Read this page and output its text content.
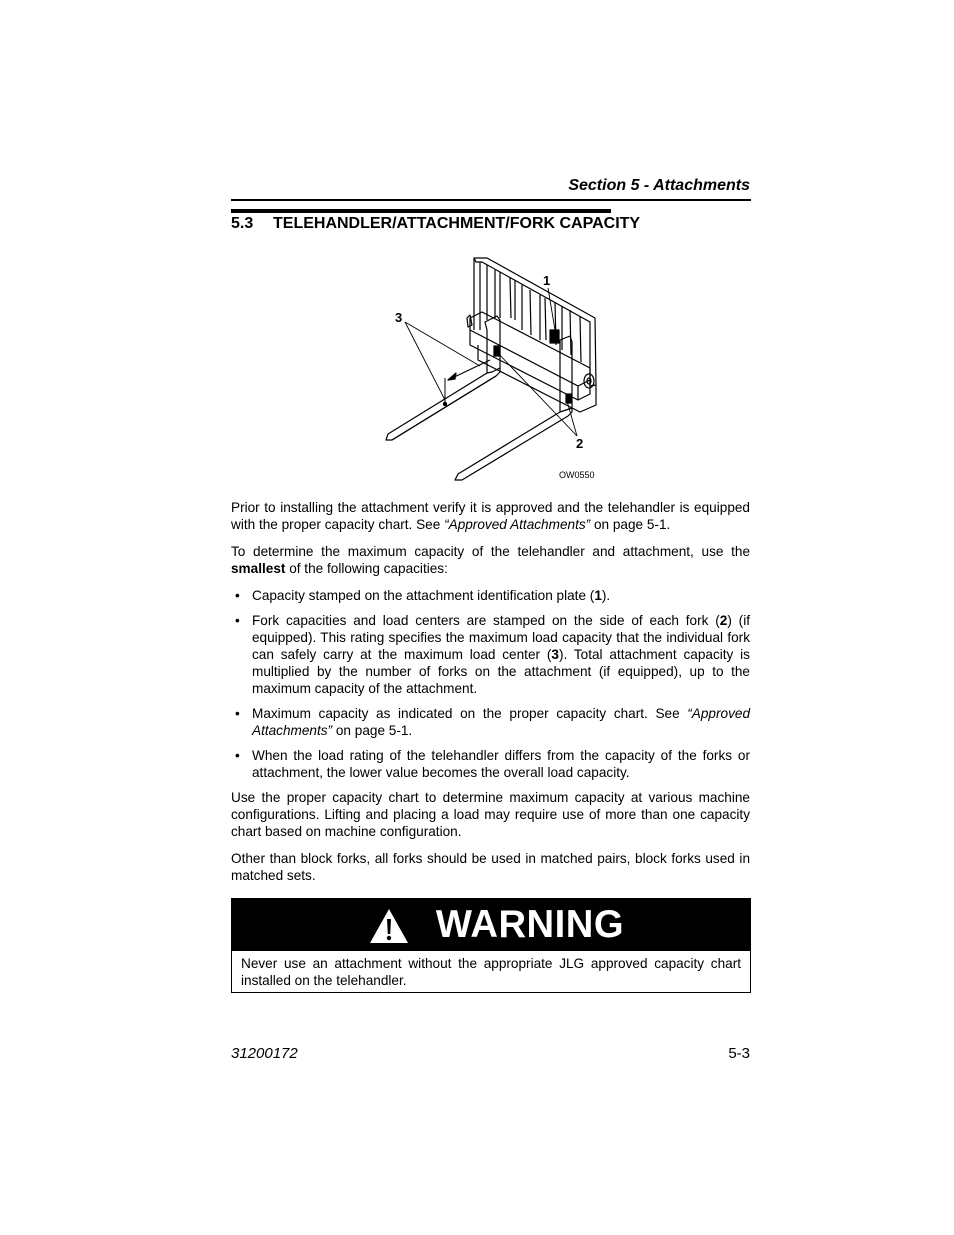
Section 5 - Attachments
5.3 TELEHANDLER/ATTACHMENT/FORK CAPACITY
1
2
3
OW0550
Prior to installing the attachment verify it is approved and the telehandler is equipped with the proper capacity chart. See “Approved Attachments” on page 5-1.
To determine the maximum capacity of the telehandler and attachment, use the smallest of the following capacities:
• Capacity stamped on the attachment identification plate (1).
• Fork capacities and load centers are stamped on the side of each fork (2) (if equipped). This rating specifies the maximum load capacity that the individual fork can safely carry at the maximum load center (3). Total attachment capacity is multiplied by the number of forks on the attachment (if equipped), up to the maximum capacity of the attachment.
• Maximum capacity as indicated on the proper capacity chart. See “Approved Attachments” on page 5-1.
• When the load rating of the telehandler differs from the capacity of the forks or attachment, the lower value becomes the overall load capacity.
Use the proper capacity chart to determine maximum capacity at various machine configurations. Lifting and placing a load may require use of more than one capacity chart based on machine configuration.
Other than block forks, all forks should be used in matched pairs, block forks used in matched sets.
WARNING
Never use an attachment without the appropriate JLG approved capacity chart installed on the telehandler.
31200172	5-3
